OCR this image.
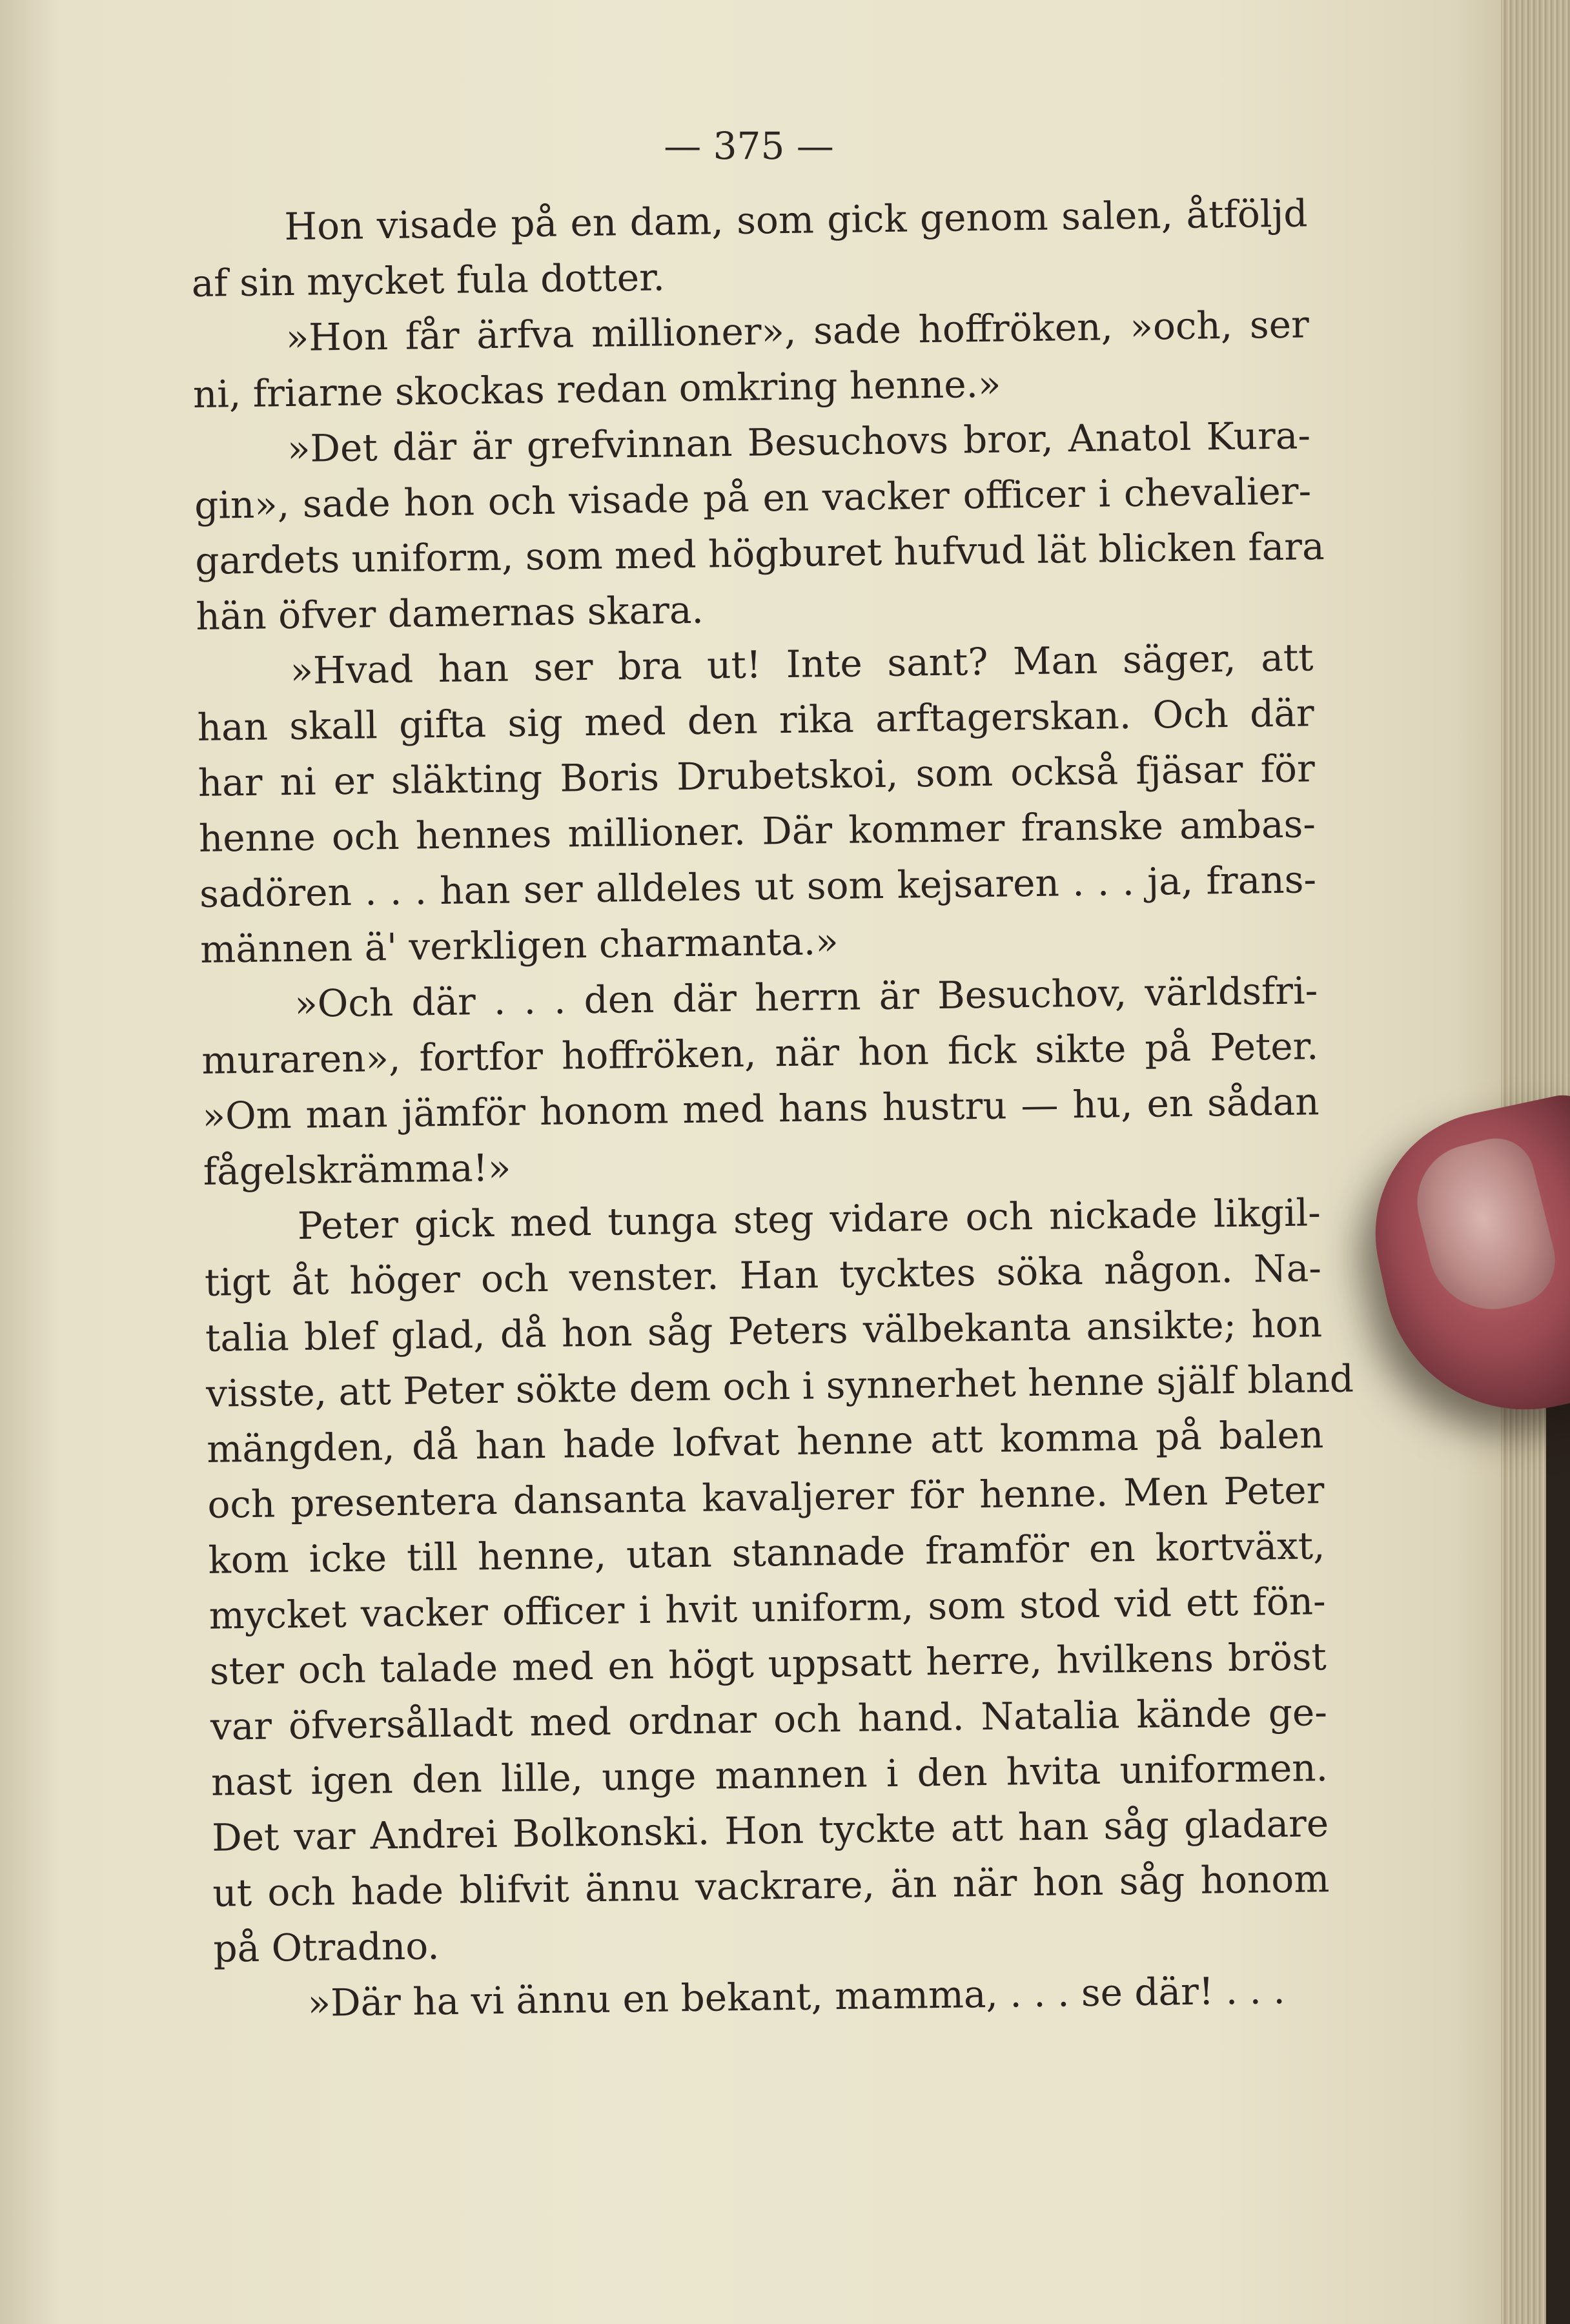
— 375 —
Hon visade på en dam, som gick genom salen, åtföljd
af sin mycket fula dotter.
»Hon får ärfva millioner», sade hoffröken, »och, ser
ni, friarne skockas redan omkring henne.»
»Det där är grefvinnan Besuchovs bror, Anatol Kura-
gin», sade hon och visade på en vacker officer i chevalier-
gardets uniform, som med högburet hufvud lät blicken fara
hän öfver damernas skara.
»Hvad han ser bra ut! Inte sant? Man säger, att
han skall gifta sig med den rika arftagerskan. Och där
har ni er släkting Boris Drubetskoi, som också fjäsar för
henne och hennes millioner. Där kommer franske ambas-
sadören . . . han ser alldeles ut som kejsaren . . . ja, frans-
männen ä' verkligen charmanta.»
»Och där . . . den där herrn är Besuchov, världsfri-
muraren», fortfor hoffröken, när hon fick sikte på Peter.
»Om man jämför honom med hans hustru — hu, en sådan
fågelskrämma!»
Peter gick med tunga steg vidare och nickade likgil-
tigt åt höger och venster. Han tycktes söka någon. Na-
talia blef glad, då hon såg Peters välbekanta ansikte; hon
visste, att Peter sökte dem och i synnerhet henne själf bland
mängden, då han hade lofvat henne att komma på balen
och presentera dansanta kavaljerer för henne. Men Peter
kom icke till henne, utan stannade framför en kortväxt,
mycket vacker officer i hvit uniform, som stod vid ett fön-
ster och talade med en högt uppsatt herre, hvilkens bröst
var öfversålladt med ordnar och hand. Natalia kände ge-
nast igen den lille, unge mannen i den hvita uniformen.
Det var Andrei Bolkonski. Hon tyckte att han såg gladare
ut och hade blifvit ännu vackrare, än när hon såg honom
på Otradno.
»Där ha vi ännu en bekant, mamma, . . . se där! . . .
